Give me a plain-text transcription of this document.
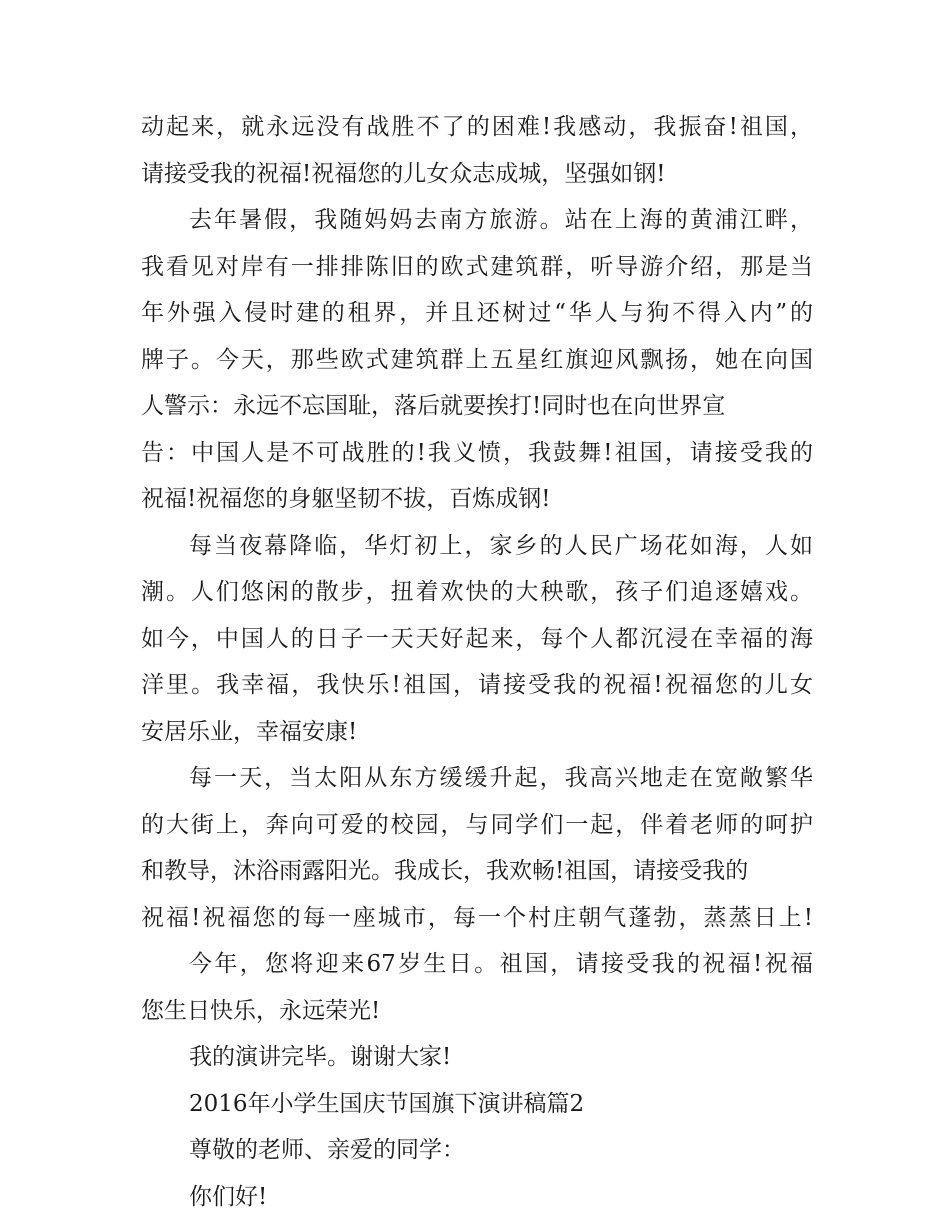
动起来，就永远没有战胜不了的困难!我感动，我振奋!祖国，
请接受我的祝福!祝福您的儿女众志成城，坚强如钢!
去年暑假，我随妈妈去南方旅游。站在上海的黄浦江畔，
我看见对岸有一排排陈旧的欧式建筑群，听导游介绍，那是当
年外强入侵时建的租界，并且还树过“华人与狗不得入内”的
牌子。今天，那些欧式建筑群上五星红旗迎风飘扬，她在向国
人警示：永远不忘国耻，落后就要挨打!同时也在向世界宣
告：中国人是不可战胜的!我义愤，我鼓舞!祖国，请接受我的
祝福!祝福您的身躯坚韧不拔，百炼成钢!
每当夜幕降临，华灯初上，家乡的人民广场花如海，人如
潮。人们悠闲的散步，扭着欢快的大秧歌，孩子们追逐嬉戏。
如今，中国人的日子一天天好起来，每个人都沉浸在幸福的海
洋里。我幸福，我快乐!祖国，请接受我的祝福!祝福您的儿女
安居乐业，幸福安康!
每一天，当太阳从东方缓缓升起，我高兴地走在宽敞繁华
的大街上，奔向可爱的校园，与同学们一起，伴着老师的呵护
和教导，沐浴雨露阳光。我成长，我欢畅!祖国，请接受我的
祝福!祝福您的每一座城市，每一个村庄朝气蓬勃，蒸蒸日上!
今年，您将迎来67岁生日。祖国，请接受我的祝福!祝福
您生日快乐，永远荣光!
我的演讲完毕。谢谢大家!
2016年小学生国庆节国旗下演讲稿篇2
尊敬的老师、亲爱的同学：
你们好!
